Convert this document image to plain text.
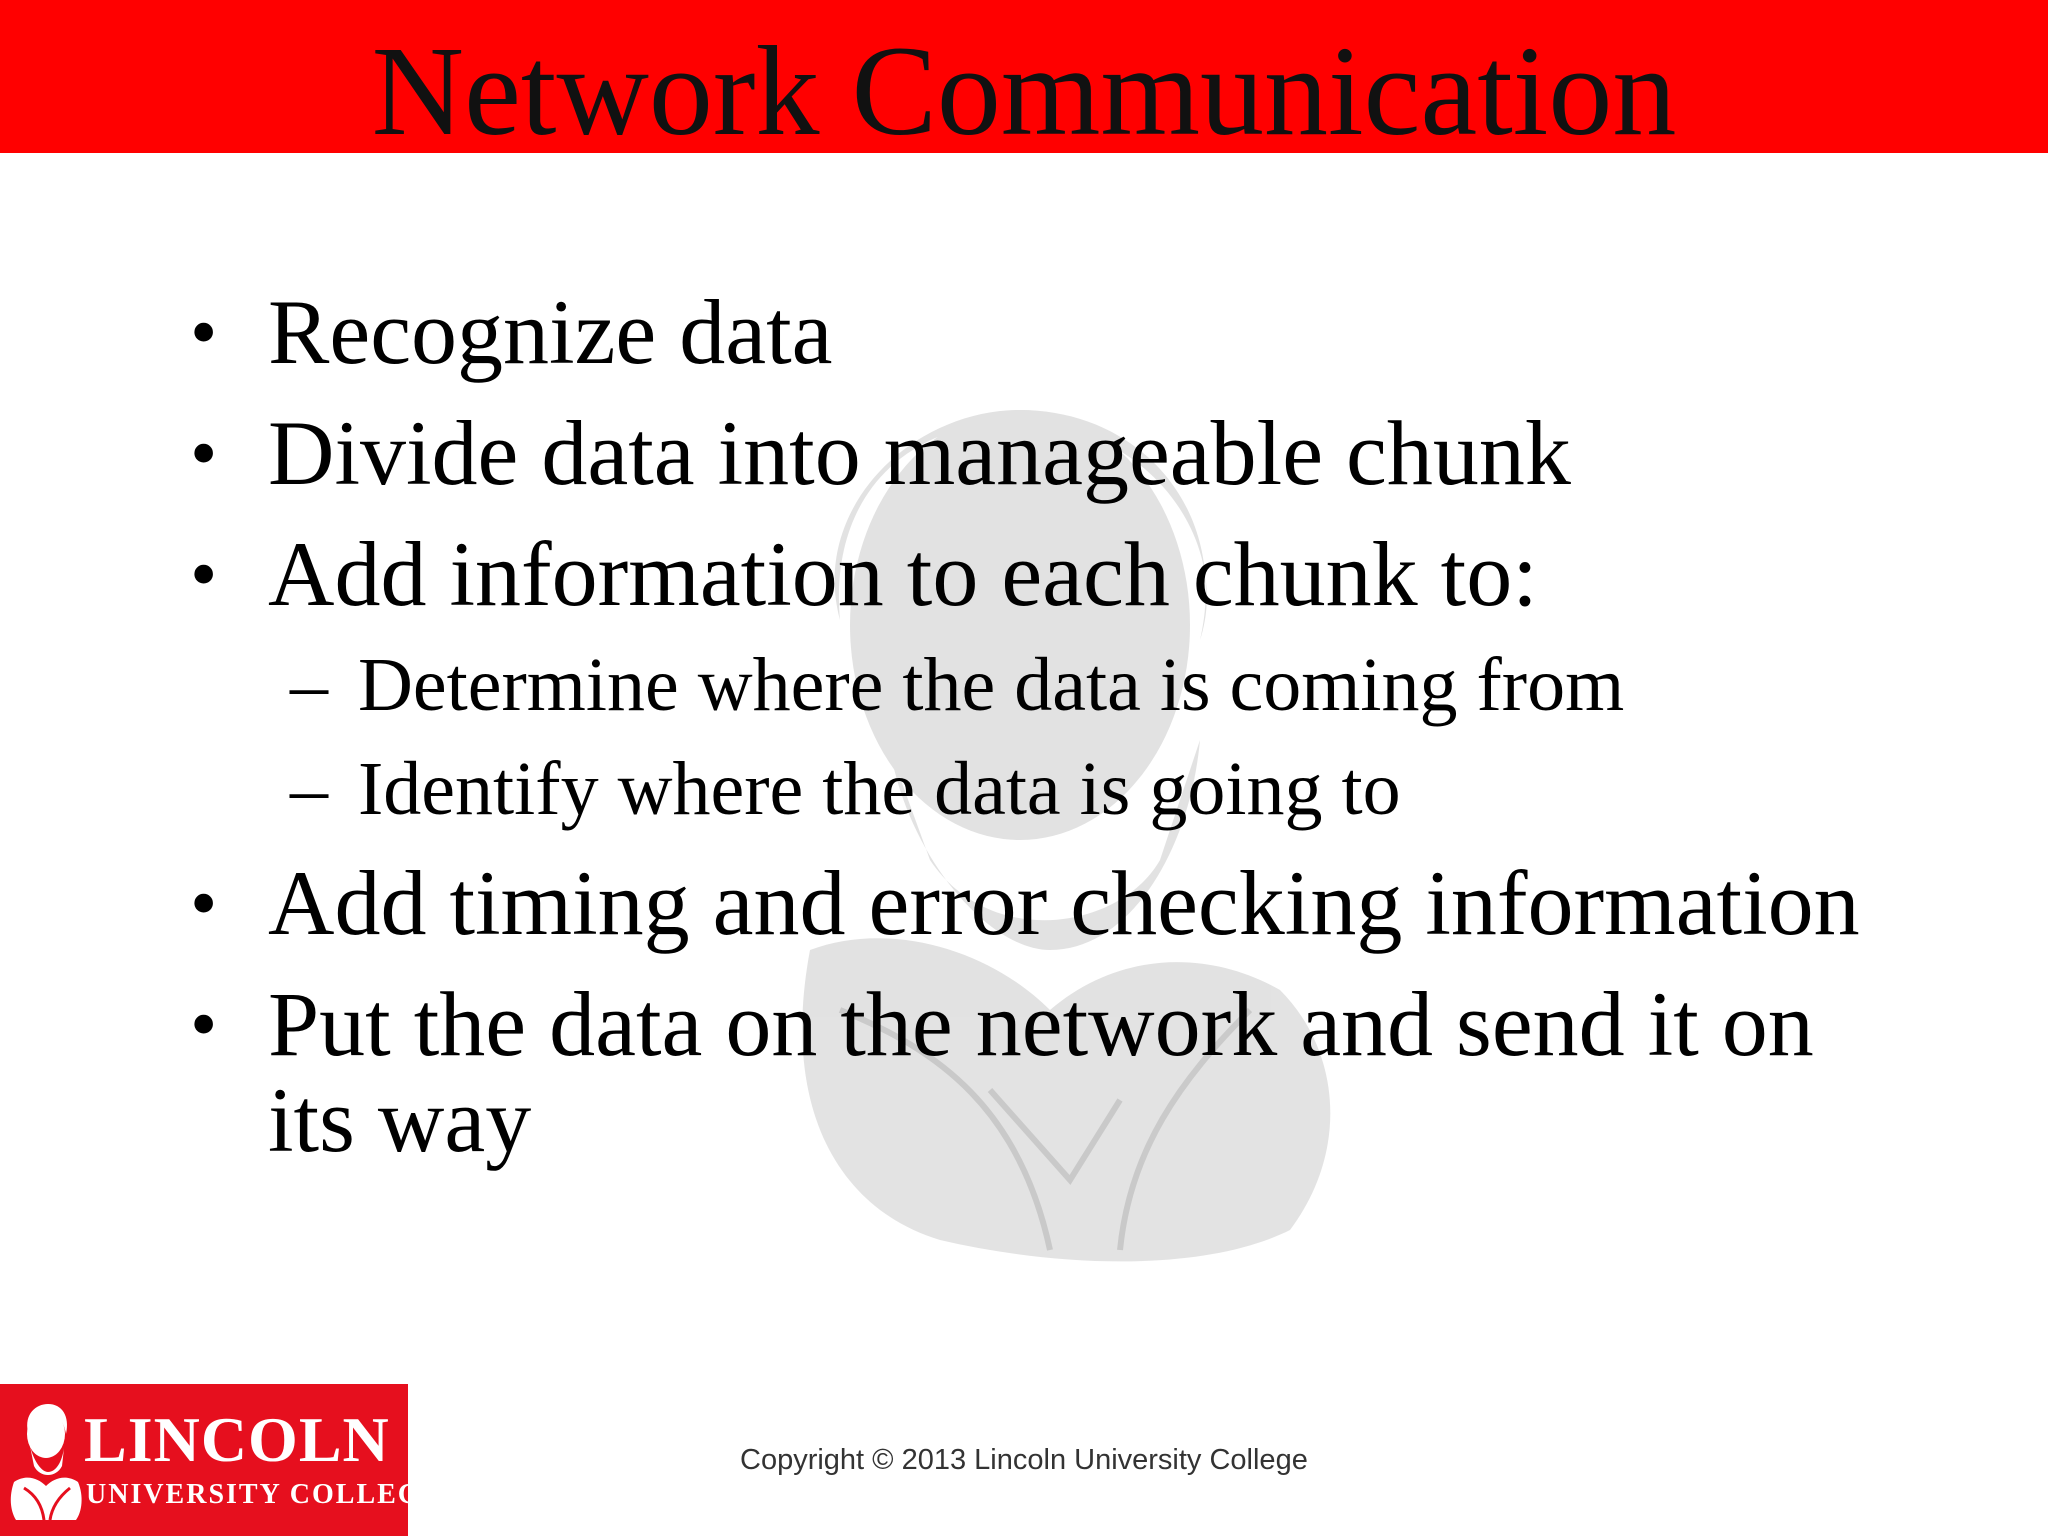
Network Communication
• Recognize data
• Divide data into manageable chunk
• Add information to each chunk to:
– Determine where the data is coming from
– Identify where the data is going to
• Add timing and error checking information
• Put the data on the network and send it on
its way
LINCOLN
UNIVERSITY COLLEGE
Copyright © 2013 Lincoln University College
